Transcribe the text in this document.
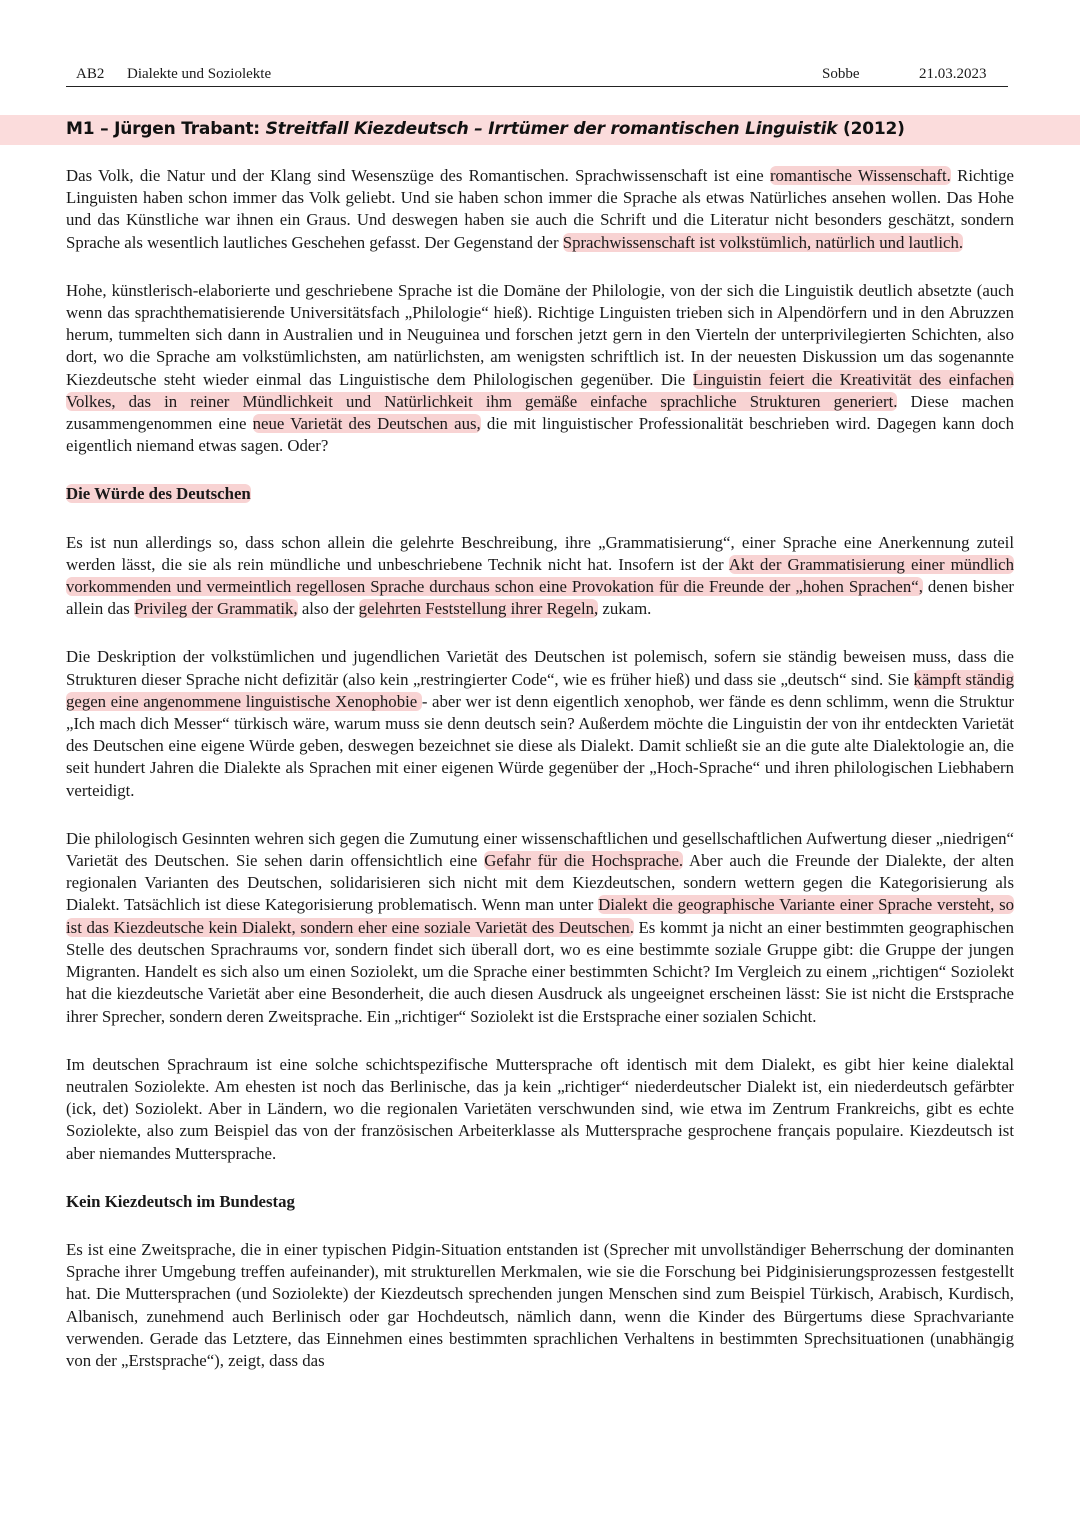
AB2 Dialekte und Soziolekte	Sobbe	21.03.2023
M1 – Jürgen Trabant: Streitfall Kiezdeutsch – Irrtümer der romantischen Linguistik (2012)

Das Volk, die Natur und der Klang sind Wesenszüge des Romantischen. Sprachwissenschaft ist eine romantische Wissenschaft. Richtige Linguisten haben schon immer das Volk geliebt. Und sie haben schon immer die Sprache als etwas Natürliches ansehen wollen. Das Hohe und das Künstliche war ihnen ein Graus. Und deswegen haben sie auch die Schrift und die Literatur nicht besonders geschätzt, sondern Sprache als wesentlich lautliches Geschehen gefasst. Der Gegenstand der Sprachwissenschaft ist volkstümlich, natürlich und lautlich.

Hohe, künstlerisch-elaborierte und geschriebene Sprache ist die Domäne der Philologie, von der sich die Linguistik deutlich absetzte (auch wenn das sprachthematisierende Universitätsfach „Philologie“ hieß). Richtige Linguisten trieben sich in Alpendörfern und in den Abruzzen herum, tummelten sich dann in Australien und in Neuguinea und forschen jetzt gern in den Vierteln der unterprivilegierten Schichten, also dort, wo die Sprache am volkstümlichsten, am natürlichsten, am wenigsten schriftlich ist. In der neuesten Diskussion um das sogenannte Kiezdeutsche steht wieder einmal das Linguistische dem Philologischen gegenüber. Die Linguistin feiert die Kreativität des einfachen Volkes, das in reiner Mündlichkeit und Natürlichkeit ihm gemäße einfache sprachliche Strukturen generiert. Diese machen zusammengenommen eine neue Varietät des Deutschen aus, die mit linguistischer Professionalität beschrieben wird. Dagegen kann doch eigentlich niemand etwas sagen. Oder?

Die Würde des Deutschen

Es ist nun allerdings so, dass schon allein die gelehrte Beschreibung, ihre „Grammatisierung“, einer Sprache eine Anerkennung zuteil werden lässt, die sie als rein mündliche und unbeschriebene Technik nicht hat. Insofern ist der Akt der Grammatisierung einer mündlich vorkommenden und vermeintlich regellosen Sprache durchaus schon eine Provokation für die Freunde der „hohen Sprachen“, denen bisher allein das Privileg der Grammatik, also der gelehrten Feststellung ihrer Regeln, zukam.

Die Deskription der volkstümlichen und jugendlichen Varietät des Deutschen ist polemisch, sofern sie ständig beweisen muss, dass die Strukturen dieser Sprache nicht defizitär (also kein „restringierter Code“, wie es früher hieß) und dass sie „deutsch“ sind. Sie kämpft ständig gegen eine angenommene linguistische Xenophobie - aber wer ist denn eigentlich xenophob, wer fände es denn schlimm, wenn die Struktur „Ich mach dich Messer“ türkisch wäre, warum muss sie denn deutsch sein? Außerdem möchte die Linguistin der von ihr entdeckten Varietät des Deutschen eine eigene Würde geben, deswegen bezeichnet sie diese als Dialekt. Damit schließt sie an die gute alte Dialektologie an, die seit hundert Jahren die Dialekte als Sprachen mit einer eigenen Würde gegenüber der „Hoch-Sprache“ und ihren philologischen Liebhabern verteidigt.

Die philologisch Gesinnten wehren sich gegen die Zumutung einer wissenschaftlichen und gesellschaftlichen Aufwertung dieser „niedrigen“ Varietät des Deutschen. Sie sehen darin offensichtlich eine Gefahr für die Hochsprache. Aber auch die Freunde der Dialekte, der alten regionalen Varianten des Deutschen, solidarisieren sich nicht mit dem Kiezdeutschen, sondern wettern gegen die Kategorisierung als Dialekt. Tatsächlich ist diese Kategorisierung problematisch. Wenn man unter Dialekt die geographische Variante einer Sprache versteht, so ist das Kiezdeutsche kein Dialekt, sondern eher eine soziale Varietät des Deutschen. Es kommt ja nicht an einer bestimmten geographischen Stelle des deutschen Sprachraums vor, sondern findet sich überall dort, wo es eine bestimmte soziale Gruppe gibt: die Gruppe der jungen Migranten. Handelt es sich also um einen Soziolekt, um die Sprache einer bestimmten Schicht? Im Vergleich zu einem „richtigen“ Soziolekt hat die kiezdeutsche Varietät aber eine Besonderheit, die auch diesen Ausdruck als ungeeignet erscheinen lässt: Sie ist nicht die Erstsprache ihrer Sprecher, sondern deren Zweitsprache. Ein „richtiger“ Soziolekt ist die Erstsprache einer sozialen Schicht.

Im deutschen Sprachraum ist eine solche schichtspezifische Muttersprache oft identisch mit dem Dialekt, es gibt hier keine dialektal neutralen Soziolekte. Am ehesten ist noch das Berlinische, das ja kein „richtiger“ niederdeutscher Dialekt ist, ein niederdeutsch gefärbter (ick, det) Soziolekt. Aber in Ländern, wo die regionalen Varietäten verschwunden sind, wie etwa im Zentrum Frankreichs, gibt es echte Soziolekte, also zum Beispiel das von der französischen Arbeiterklasse als Muttersprache gesprochene français populaire. Kiezdeutsch ist aber niemandes Muttersprache.

Kein Kiezdeutsch im Bundestag

Es ist eine Zweitsprache, die in einer typischen Pidgin-Situation entstanden ist (Sprecher mit unvollständiger Beherrschung der dominanten Sprache ihrer Umgebung treffen aufeinander), mit strukturellen Merkmalen, wie sie die Forschung bei Pidginisierungsprozessen festgestellt hat. Die Muttersprachen (und Soziolekte) der Kiezdeutsch sprechenden jungen Menschen sind zum Beispiel Türkisch, Arabisch, Kurdisch, Albanisch, zunehmend auch Berlinisch oder gar Hochdeutsch, nämlich dann, wenn die Kinder des Bürgertums diese Sprachvariante verwenden. Gerade das Letztere, das Einnehmen eines bestimmten sprachlichen Verhaltens in bestimmten Sprechsituationen (unabhängig von der „Erstsprache“), zeigt, dass das
